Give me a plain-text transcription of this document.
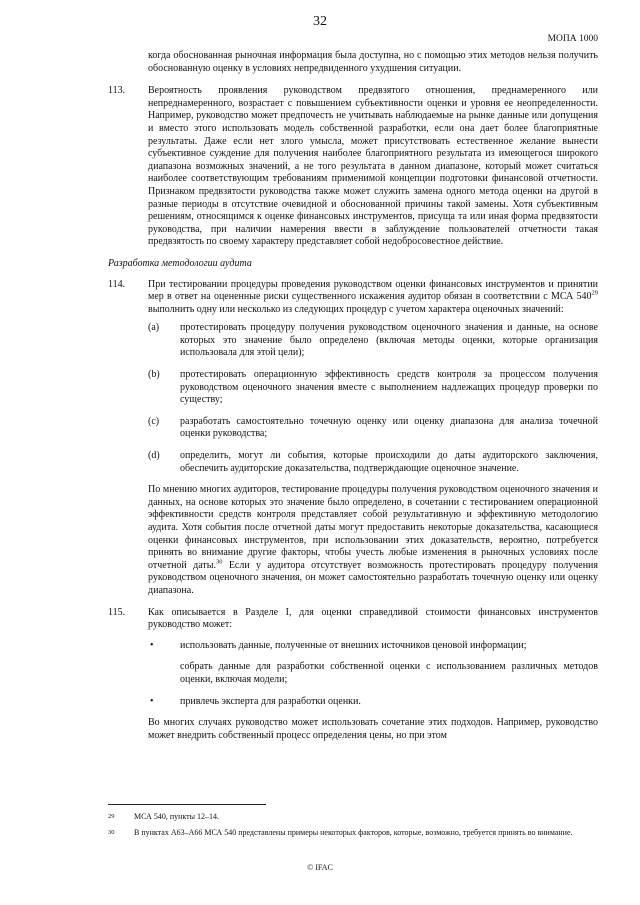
32
МОПА 1000

когда обоснованная рыночная информация была доступна, но с помощью этих методов нельзя получить обоснованную оценку в условиях непредвиденного ухудшения ситуации.

113. Вероятность проявления руководством предвзятого отношения, преднамеренного или непреднамеренного, возрастает с повышением субъективности оценки и уровня ее неопределенности. Например, руководство может предпочесть не учитывать наблюдаемые на рынке данные или допущения и вместо этого использовать модель собственной разработки, если она дает более благоприятные результаты. Даже если нет злого умысла, может присутствовать естественное желание вынести субъективное суждение для получения наиболее благоприятного результата из имеющегося широкого диапазона возможных значений, а не того результата в данном диапазоне, который может считаться наиболее соответствующим требованиям применимой концепции подготовки финансовой отчетности. Признаком предвзятости руководства также может служить замена одного метода оценки на другой в разные периоды в отсутствие очевидной и обоснованной причины такой замены. Хотя субъективным решениям, относящимся к оценке финансовых инструментов, присуща та или иная форма предвзятости руководства, при наличии намерения ввести в заблуждение пользователей отчетности такая предвзятость по своему характеру представляет собой недобросовестное действие.

Разработка методологии аудита

114. При тестировании процедуры проведения руководством оценки финансовых инструментов и принятии мер в ответ на оцененные риски существенного искажения аудитор обязан в соответствии с МСА $540^{29}$ выполнить одну или несколько из следующих процедур с учетом характера оценочных значений:

(a) протестировать процедуру получения руководством оценочного значения и данные, на основе которых это значение было определено (включая методы оценки, которые организация использовала для этой цели);

(b) протестировать операционную эффективность средств контроля за процессом получения руководством оценочного значения вместе с выполнением надлежащих процедур проверки по существу;

(c) разработать самостоятельно точечную оценку или оценку диапазона для анализа точечной оценки руководства;

(d) определить, могут ли события, которые происходили до даты аудиторского заключения, обеспечить аудиторские доказательства, подтверждающие оценочное значение.

По мнению многих аудиторов, тестирование процедуры получения руководством оценочного значения и данных, на основе которых это значение было определено, в сочетании с тестированием операционной эффективности средств контроля представляет собой результативную и эффективную методологию аудита. Хотя события после отчетной даты могут предоставить некоторые доказательства, касающиеся оценки финансовых инструментов, при использовании этих доказательств, вероятно, потребуется принять во внимание другие факторы, чтобы учесть любые изменения в рыночных условиях после отчетной даты.$^{30}$ Если у аудитора отсутствует возможность протестировать процедуру получения руководством оценочного значения, он может самостоятельно разработать точечную оценку или оценку диапазона.

115. Как описывается в Разделе I, для оценки справедливой стоимости финансовых инструментов руководство может:

•	использовать данные, полученные от внешних источников ценовой информации;

собрать данные для разработки собственной оценки с использованием различных методов оценки, включая модели;

•	привлечь эксперта для разработки оценки.

Во многих случаях руководство может использовать сочетание этих подходов. Например, руководство может внедрить собственный процесс определения цены, но при этом

29 МСА 540, пункты 12–14.

30 В пунктах A63–A66 МСА 540 представлены примеры некоторых факторов, которые, возможно, требуется принять во внимание.

© IFAC
